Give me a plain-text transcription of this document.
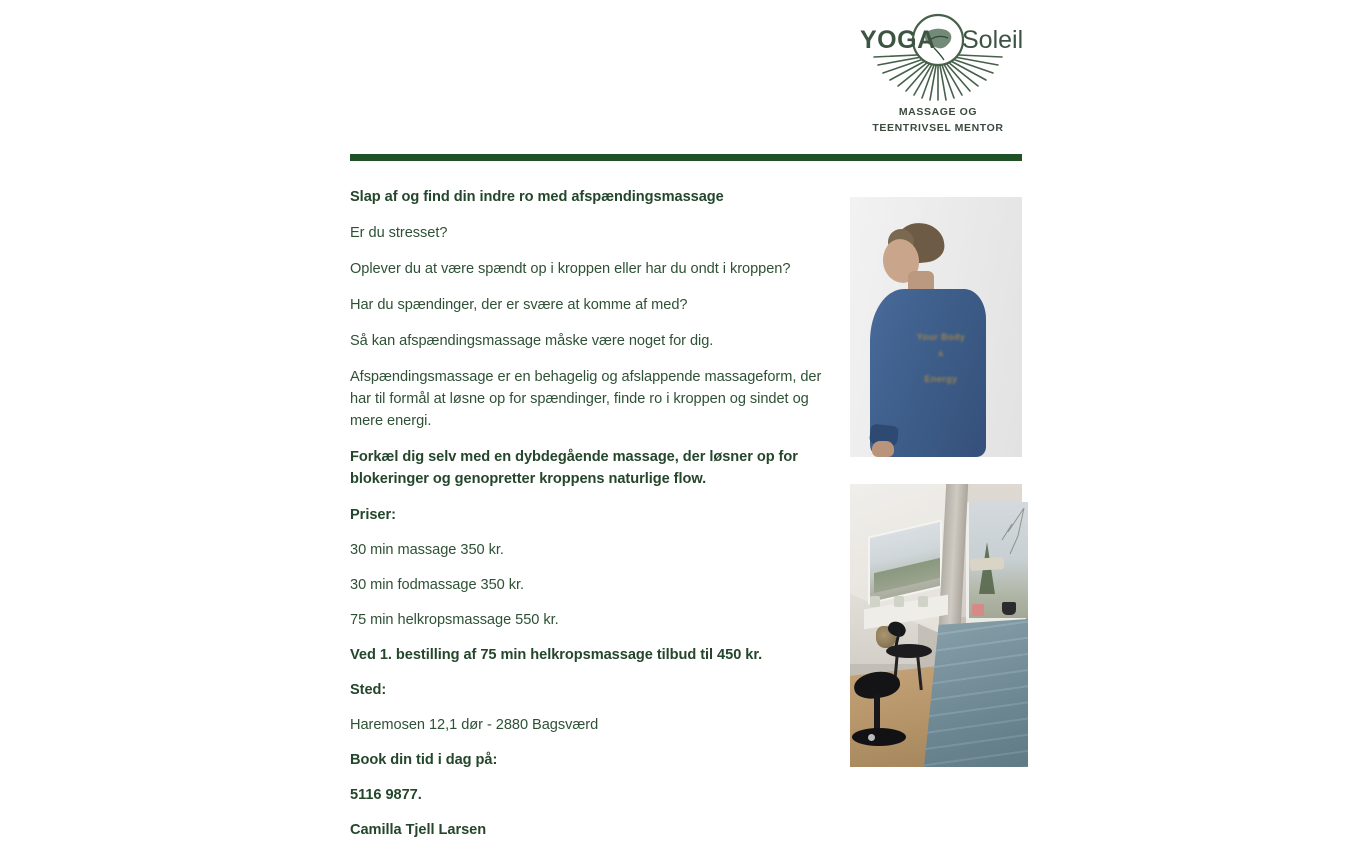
YOGA Soleil
MASSAGE OG
TEENTRIVSEL MENTOR

Slap af og find din indre ro med afspændingsmassage

Er du stresset?

Oplever du at være spændt op i kroppen eller har du ondt i kroppen?

Har du spændinger, der er svære at komme af med?

Så kan afspændingsmassage måske være noget for dig.

Afspændingsmassage er en behagelig og afslappende massageform, der har til formål at løsne op for spændinger, finde ro i kroppen og sindet og mere energi.

Forkæl dig selv med en dybdegående massage, der løsner op for blokeringer og genopretter kroppens naturlige flow.

Priser:

30 min massage 350 kr.

30 min fodmassage 350 kr.

75 min helkropsmassage 550 kr.

Ved 1. bestilling af 75 min helkropsmassage tilbud til 450 kr.

Sted:

Haremosen 12,1 dør - 2880 Bagsværd

Book din tid i dag på:

5116 9877.

Camilla Tjell Larsen

Your Body
&
Energy
